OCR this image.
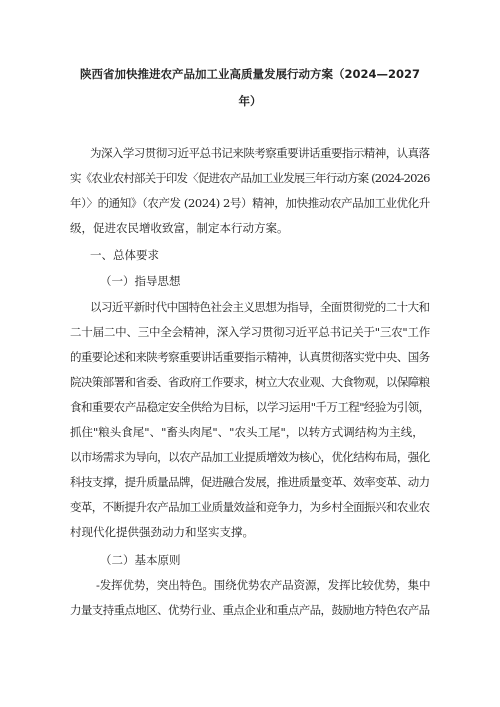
陕西省加快推进农产品加工业高质量发展行动方案（2024—2027
年）
为深入学习贯彻习近平总书记来陕考察重要讲话重要指示精神，认真落
实《农业农村部关于印发〈促进农产品加工业发展三年行动方案 (2024-2026
年）〉的通知》（农产发 (2024) 2号）精神，加快推动农产品加工业优化升
级，促进农民增收致富，制定本行动方案。
一、总体要求
（一）指导思想
以习近平新时代中国特色社会主义思想为指导，全面贯彻党的二十大和
二十届二中、三中全会精神，深入学习贯彻习近平总书记关于"三农"工作
的重要论述和来陕考察重要讲话重要指示精神，认真贯彻落实党中央、国务
院决策部署和省委、省政府工作要求，树立大农业观、大食物观，以保障粮
食和重要农产品稳定安全供给为目标，以学习运用"千万工程"经验为引领，
抓住"粮头食尾"、"畜头肉尾"、"农头工尾"，以转方式调结构为主线，
以市场需求为导向，以农产品加工业提质增效为核心，优化结构布局，强化
科技支撑，提升质量品牌，促进融合发展，推进质量变革、效率变革、动力
变革，不断提升农产品加工业质量效益和竞争力，为乡村全面振兴和农业农
村现代化提供强劲动力和坚实支撑。
（二）基本原则
-发挥优势，突出特色。围绕优势农产品资源，发挥比较优势，集中
力量支持重点地区、优势行业、重点企业和重点产品，鼓励地方特色农产品
